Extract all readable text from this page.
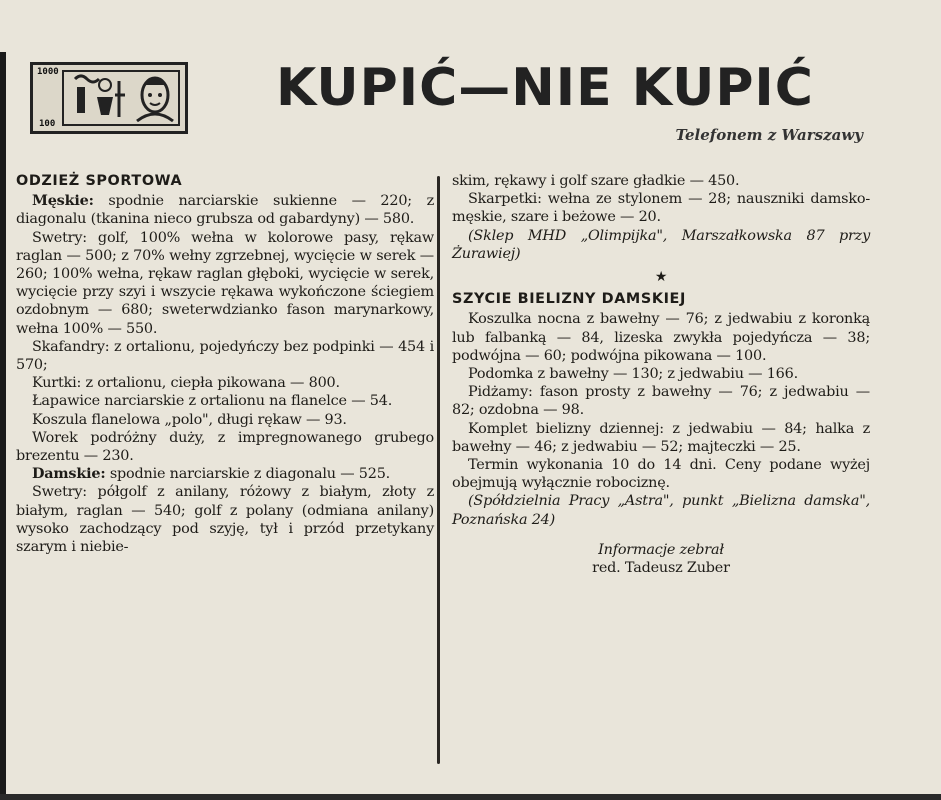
1000
100
KUPIĆ—NIE KUPIĆ
Telefonem z Warszawy
ODZIEŻ SPORTOWA

Męskie: spodnie narciarskie sukienne — 220; z diagonalu (tkanina nieco grubsza od gabardyny) — 580.

Swetry: golf, 100% wełna w kolorowe pasy, rękaw raglan — 500; z 70% wełny zgrzebnej, wycięcie w serek — 260; 100% wełna, rękaw raglan głęboki, wycięcie w serek, wycięcie przy szyi i wszycie rękawa wykończone ściegiem ozdobnym — 680; sweterwdzianko fason marynarkowy, wełna 100% — 550.

Skafandry: z ortalionu, pojedyńczy bez podpinki — 454 i 570;

Kurtki: z ortalionu, ciepła pikowana — 800.

Łapawice narciarskie z ortalionu na flanelce — 54.

Koszula flanelowa „polo", długi rękaw — 93.

Worek podróżny duży, z impregnowanego grubego brezentu — 230.

Damskie: spodnie narciarskie z diagonalu — 525.

Swetry: półgolf z anilany, różowy z białym, złoty z białym, raglan — 540; golf z polany (odmiana anilany) wysoko zachodzący pod szyję, tył i przód przetykany szarym i niebie-

skim, rękawy i golf szare gładkie — 450.

Skarpetki: wełna ze stylonem — 28; nauszniki damsko-męskie, szare i beżowe — 20.

(Sklep MHD „Olimpijka", Marszałkowska 87 przy Żurawiej)

★
SZYCIE BIELIZNY DAMSKIEJ

Koszulka nocna z bawełny — 76; z jedwabiu z koronką lub falbanką — 84, lizeska zwykła pojedyńcza — 38; podwójna — 60; podwójna pikowana — 100.

Podomka z bawełny — 130; z jedwabiu — 166.

Pidżamy: fason prosty z bawełny — 76; z jedwabiu — 82; ozdobna — 98.

Komplet bielizny dziennej: z jedwabiu — 84; halka z bawełny — 46; z jedwabiu — 52; majteczki — 25.

Termin wykonania 10 do 14 dni. Ceny podane wyżej obejmują wyłącznie robociznę.

(Spółdzielnia Pracy „Astra", punkt „Bielizna damska", Poznańska 24)

Informacje zebrał
red. Tadeusz Zuber
